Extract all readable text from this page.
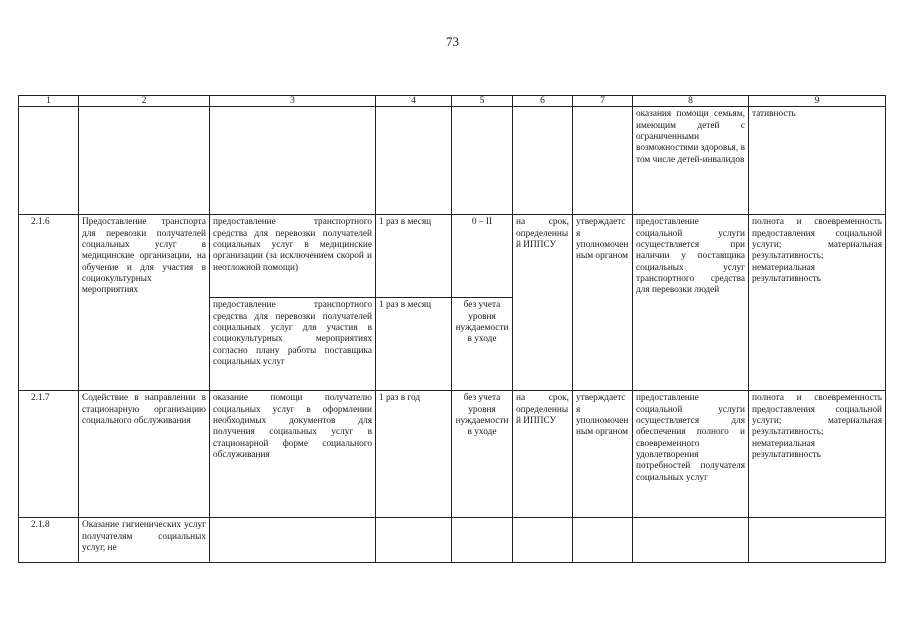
73
1	2	3	4	5	6	7	8	9
							оказания помощи семьям, имеющим детей с ограниченными возможностями здоровья, в том числе детей-инвалидов	тативность
2.1.6	Предоставление транспорта для перевозки получателей социальных услуг в медицинские организации, на обучение и для участия в социокультурных мероприятиях	предоставление транспортного средства для перевозки получателей социальных услуг в медицинские организации (за исключением скорой и неотложной помощи)	1 раз в месяц	0 – II	на срок, определенный ИППСУ	утверждается уполномоченным органом	предоставление социальной услуги осуществляется при наличии у поставщика социальных услуг транспортного средства для перевозки людей	полнота и своевременность предоставления социальной услуги; материальная результативность; нематериальная результативность
		предоставление транспортного средства для перевозки получателей социальных услуг для участия в социокультурных мероприятиях согласно плану работы поставщика социальных услуг	1 раз в месяц	без учета уровня нуждаемости в уходе				
2.1.7	Содействие в направлении в стационарную организацию социального обслуживания	оказание помощи получателю социальных услуг в оформлении необходимых документов для получения социальных услуг в стационарной форме социального обслуживания	1 раз в год	без учета уровня нуждаемости в уходе	на срок, определенный ИППСУ	утверждается уполномоченным органом	предоставление социальной услуги осуществляется для обеспечения полного и своевременного удовлетворения потребностей получателя социальных услуг	полнота и своевременность предоставления социальной услуги; материальная результативность; нематериальная результативность
2.1.8	Оказание гигиенических услуг получателям социальных услуг, не							
